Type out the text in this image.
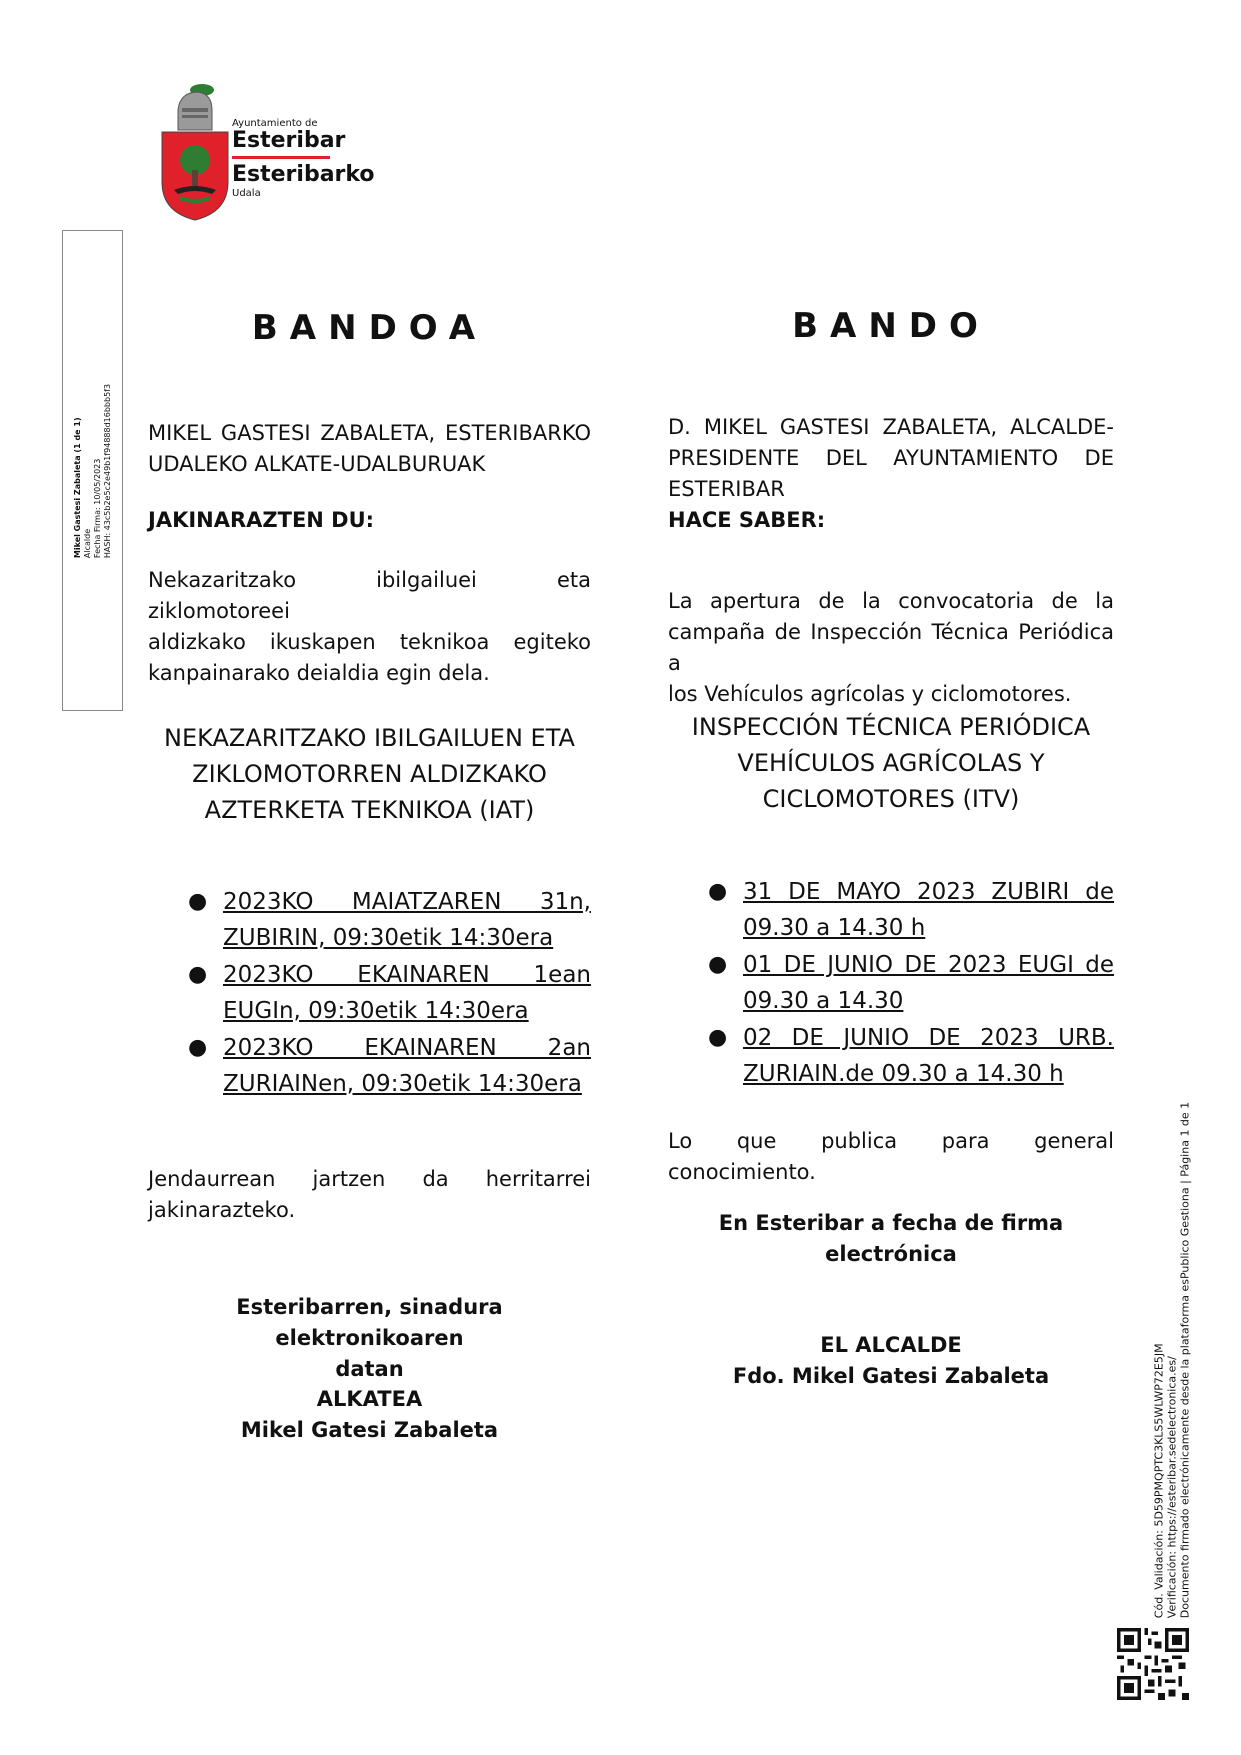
Ayuntamiento de
Esteribar
Esteribarko
Udala
Mikel Gastesi Zabaleta (1 de 1) Alcalde Fecha Firma: 10/05/2023 HASH: 43c5b2e5c2e49b1f94888d16bbb5f3
Cód. Validación: 5D59PMQPTC3KLS5WLWP72E5JM Verificación: https://esteribar.sedelectronica.es/ Documento firmado electrónicamente desde la plataforma esPublico Gestiona | Página 1 de 1
BANDOA
MIKEL GASTESI ZABALETA, ESTERIBARKO
UDALEKO ALKATE-UDALBURUAK
JAKINARAZTEN DU:
Nekazaritzako ibilgailuei eta ziklomotoreei
aldizkako ikuskapen teknikoa egiteko
kanpainarako deialdia egin dela.
NEKAZARITZAKO IBILGAILUEN ETA
ZIKLOMOTORREN ALDIZKAKO
AZTERKETA TEKNIKOA (IAT)
● 2023KO MAIATZAREN 31n,
ZUBIRIN, 09:30etik 14:30era
● 2023KO EKAINAREN 1ean
EUGIn, 09:30etik 14:30era
● 2023KO EKAINAREN 2an
ZURIAINen, 09:30etik 14:30era
Jendaurrean jartzen da herritarrei
jakinarazteko.
Esteribarren, sinadura elektronikoaren
datan
ALKATEA
Mikel Gatesi Zabaleta
BANDO
D. MIKEL GASTESI ZABALETA, ALCALDE-
PRESIDENTE DEL AYUNTAMIENTO DE
ESTERIBAR
HACE SABER:
La apertura de la convocatoria de la
campaña de Inspección Técnica Periódica a
los Vehículos agrícolas y ciclomotores.
INSPECCIÓN TÉCNICA PERIÓDICA
VEHÍCULOS AGRÍCOLAS Y
CICLOMOTORES (ITV)
● 31 DE MAYO 2023 ZUBIRI de
09.30 a 14.30 h
● 01 DE JUNIO DE 2023 EUGI de
09.30 a 14.30
● 02 DE JUNIO DE 2023 URB.
ZURIAIN.de 09.30 a 14.30 h
Lo que publica para general conocimiento.
En Esteribar a fecha de firma electrónica
EL ALCALDE
Fdo. Mikel Gatesi Zabaleta
